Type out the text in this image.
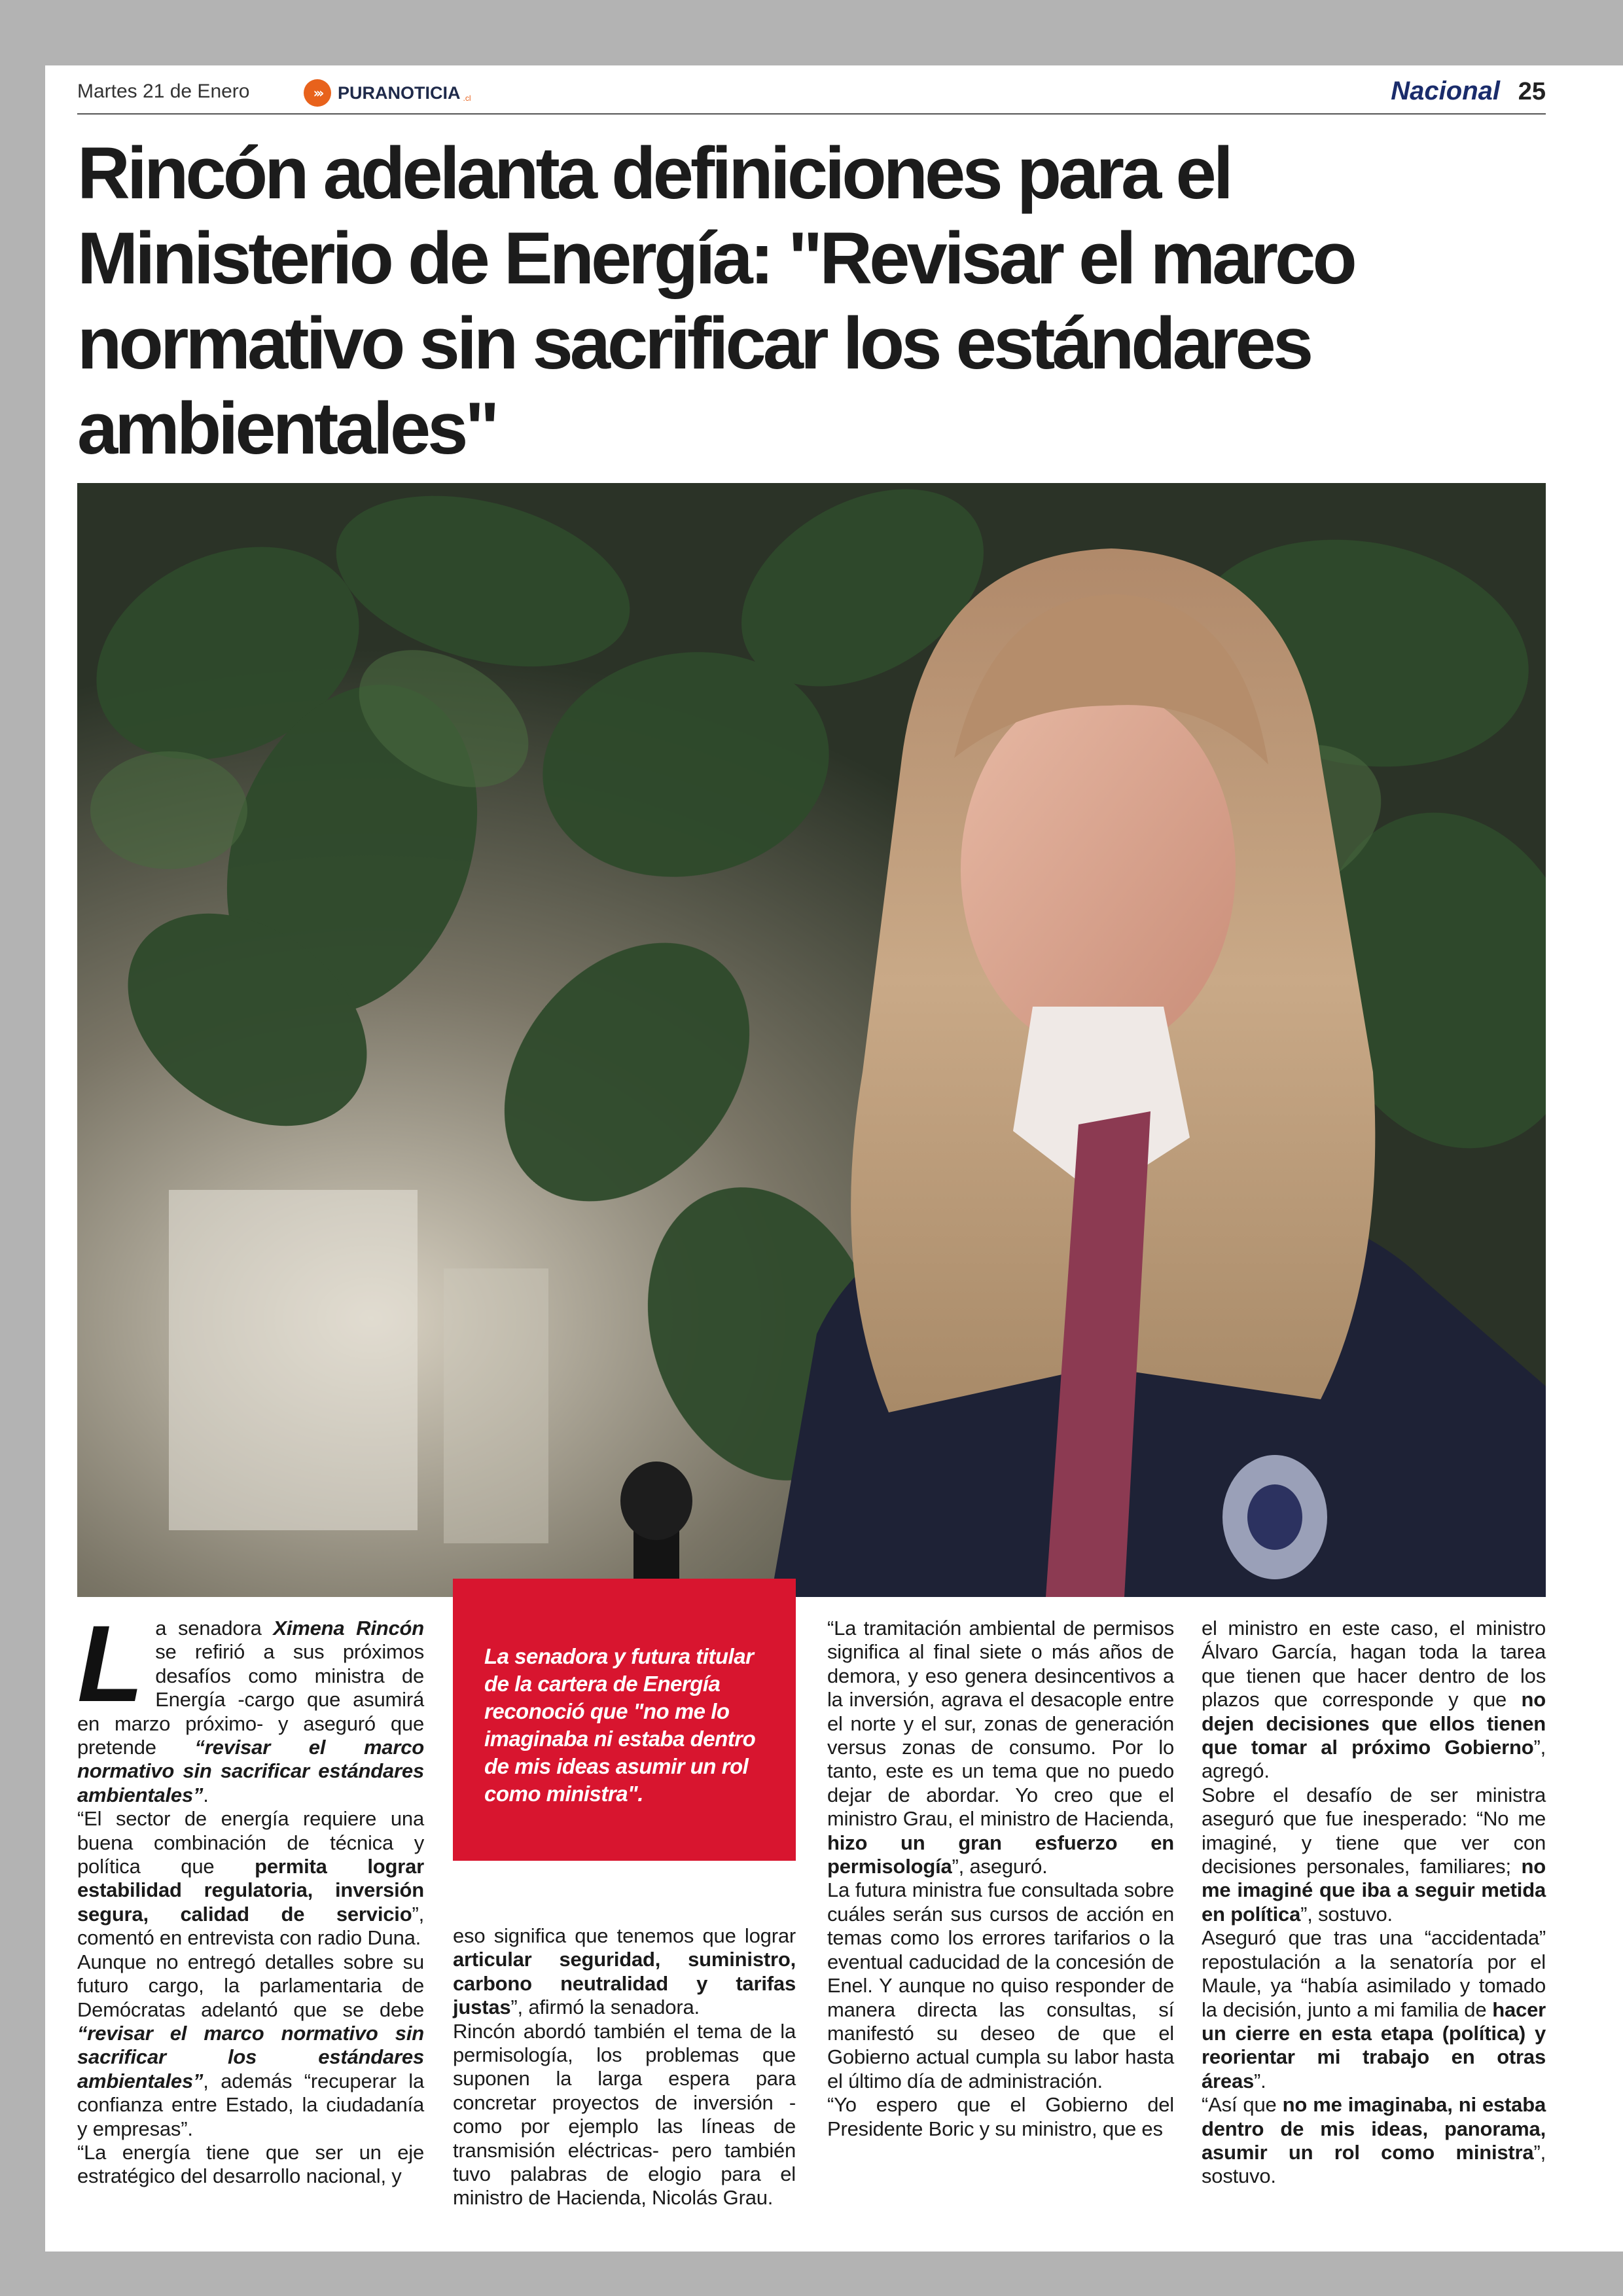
Martes 21 de Enero	››› PURANOTICIA .cl	Nacional 25
Rincón adelanta definiciones para el Ministerio de Energía: "Revisar el marco normativo sin sacrificar los estándares ambientales"

La senadora y futura titular de la cartera de Energía reconoció que "no me lo imaginaba ni estaba dentro de mis ideas asumir un rol como ministra".

L a senadora Ximena Rincón se refirió a sus próximos desafíos como ministra de Energía -cargo que asumirá en marzo próximo- y aseguró que pretende “revisar el marco normativo sin sacrificar estándares ambientales”.

“El sector de energía requiere una buena combinación de técnica y política que permita lograr estabilidad regulatoria, inversión segura, calidad de servicio”, comentó en entrevista con radio Duna.

Aunque no entregó detalles sobre su futuro cargo, la parlamentaria de Demócratas adelantó que se debe “revisar el marco normativo sin sacrificar los estándares ambientales”, además “recuperar la confianza entre Estado, la ciudadanía y empresas”.

“La energía tiene que ser un eje estratégico del desarrollo nacional, y

eso significa que tenemos que lograr articular seguridad, suministro, carbono neutralidad y tarifas justas”, afirmó la senadora.

Rincón abordó también el tema de la permisología, los problemas que suponen la larga espera para concretar proyectos de inversión -como por ejemplo las líneas de transmisión eléctricas- pero también tuvo palabras de elogio para el ministro de Hacienda, Nicolás Grau.

“La tramitación ambiental de permisos significa al final siete o más años de demora, y eso genera desincentivos a la inversión, agrava el desacople entre el norte y el sur, zonas de generación versus zonas de consumo. Por lo tanto, este es un tema que no puedo dejar de abordar. Yo creo que el ministro Grau, el ministro de Hacienda, hizo un gran esfuerzo en permisología”, aseguró.

La futura ministra fue consultada sobre cuáles serán sus cursos de acción en temas como los errores tarifarios o la eventual caducidad de la concesión de Enel. Y aunque no quiso responder de manera directa las consultas, sí manifestó su deseo de que el Gobierno actual cumpla su labor hasta el último día de administración.

“Yo espero que el Gobierno del Presidente Boric y su ministro, que es

el ministro en este caso, el ministro Álvaro García, hagan toda la tarea que tienen que hacer dentro de los plazos que corresponde y que no dejen decisiones que ellos tienen que tomar al próximo Gobierno”, agregó.

Sobre el desafío de ser ministra aseguró que fue inesperado: “No me imaginé, y tiene que ver con decisiones personales, familiares; no me imaginé que iba a seguir metida en política”, sostuvo.

Aseguró que tras una “accidentada” repostulación a la senatoría por el Maule, ya “había asimilado y tomado la decisión, junto a mi familia de hacer un cierre en esta etapa (política) y reorientar mi trabajo en otras áreas”.

“Así que no me imaginaba, ni estaba dentro de mis ideas, panorama, asumir un rol como ministra”, sostuvo.
